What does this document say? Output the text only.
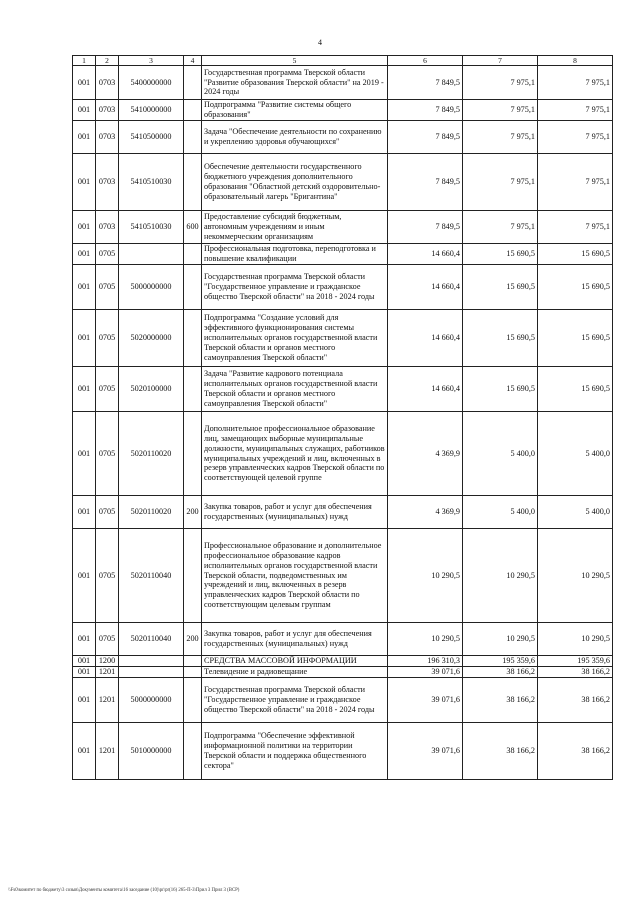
4
1	2	3	4	5	6	7	8
001	0703	5400000000		Государственная программа Тверской области "Развитие образования Тверской области" на 2019 - 2024 годы	7 849,5	7 975,1	7 975,1
001	0703	5410000000		Подпрограмма "Развитие системы общего образования"	7 849,5	7 975,1	7 975,1
001	0703	5410500000		Задача "Обеспечение деятельности по сохранению и укреплению здоровья обучающихся"	7 849,5	7 975,1	7 975,1
001	0703	5410510030		Обеспечение деятельности государственного бюджетного учреждения дополнительного образования "Областной детский оздоровительно-образовательный лагерь "Бригантина"	7 849,5	7 975,1	7 975,1
001	0703	5410510030	600	Предоставление субсидий бюджетным, автономным учреждениям и иным некоммерческим организациям	7 849,5	7 975,1	7 975,1
001	0705			Профессиональная подготовка, переподготовка и повышение квалификации	14 660,4	15 690,5	15 690,5
001	0705	5000000000		Государственная программа Тверской области "Государственное управление и гражданское общество Тверской области" на 2018 - 2024 годы	14 660,4	15 690,5	15 690,5
001	0705	5020000000		Подпрограмма "Создание условий для эффективного функционирования системы исполнительных органов государственной власти Тверской области и органов местного самоуправления Тверской области"	14 660,4	15 690,5	15 690,5
001	0705	5020100000		Задача "Развитие кадрового потенциала исполнительных органов государственной власти Тверской области и органов местного самоуправления Тверской области"	14 660,4	15 690,5	15 690,5
001	0705	5020110020		Дополнительное профессиональное образование лиц, замещающих выборные муниципальные должности, муниципальных служащих, работников муниципальных учреждений и лиц, включенных в резерв управленческих кадров Тверской области по соответствующей целевой группе	4 369,9	5 400,0	5 400,0
001	0705	5020110020	200	Закупка товаров, работ и услуг для обеспечения государственных (муниципальных) нужд	4 369,9	5 400,0	5 400,0
001	0705	5020110040		Профессиональное образование и дополнительное профессиональное образование кадров исполнительных органов государственной власти Тверской области, подведомственных им учреждений и лиц, включенных в резерв управленческих кадров Тверской области по соответствующим целевым группам	10 290,5	10 290,5	10 290,5
001	0705	5020110040	200	Закупка товаров, работ и услуг для обеспечения государственных (муниципальных) нужд	10 290,5	10 290,5	10 290,5
001	1200			СРЕДСТВА МАССОВОЙ ИНФОРМАЦИИ	196 310,3	195 359,6	195 359,6
001	1201			Телевидение и радиовещание	39 071,6	38 166,2	38 166,2
001	1201	5000000000		Государственная программа Тверской области "Государственное управление и гражданское общество Тверской области" на 2018 - 2024 годы	39 071,6	38 166,2	38 166,2
001	1201	5010000000		Подпрограмма "Обеспечение эффективной информационной политики на территории Тверской области и поддержка общественного сектора"	39 071,6	38 166,2	38 166,2
\\Fs0\комитет по бюджету\3 созыв\Документы комитета\16 заседание (10)\pr\pr(16) 265-П-3\Прил 3 Прил 3 (ВСР)
